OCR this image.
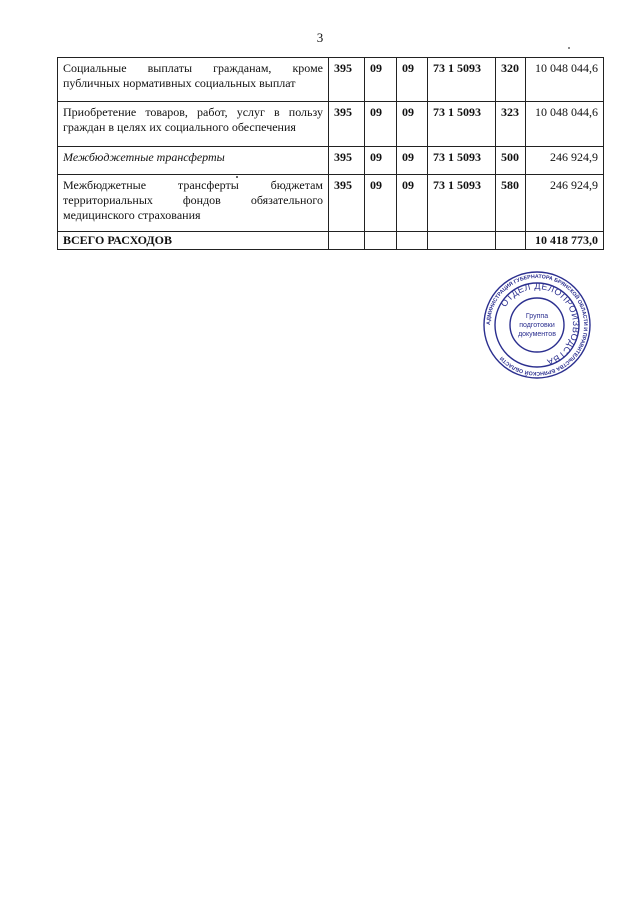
3
Социальные выплаты гражданам, кроме публичных нормативных социальных выплат	395	09	09	73 1 5093	320	10 048 044,6
Приобретение товаров, работ, услуг в пользу граждан в целях их социального обеспечения	395	09	09	73 1 5093	323	10 048 044,6
Межбюджетные трансферты	395	09	09	73 1 5093	500	246 924,9
Межбюджетные трансферты бюджетам территориальных фондов обязательного медицинского страхования	395	09	09	73 1 5093	580	246 924,9
ВСЕГО РАСХОДОВ						10 418 773,0
АДМИНИСТРАЦИЯ ГУБЕРНАТОРА БРЯНСКОЙ ОБЛАСТИ И ПРАВИТЕЛЬСТВА БРЯНСКОЙ ОБЛАСТИ
ОТДЕЛ ДЕЛОПРОИЗВОДСТВА
Группа
подготовки
документов
